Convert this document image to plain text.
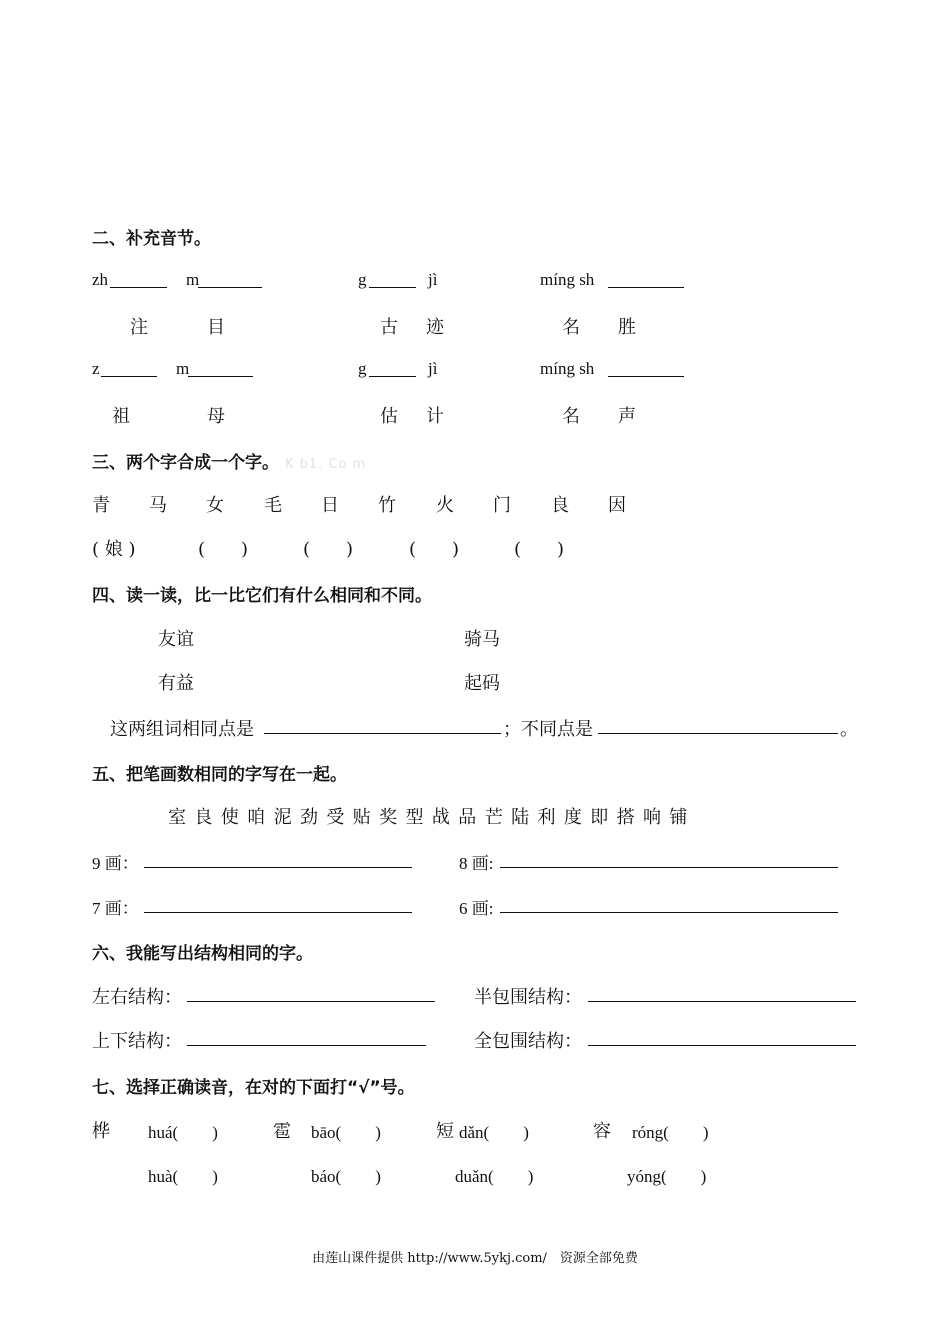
二、补充音节。
zh	m	g	jì	míng sh
注	目	古 迹	名 胜
z	m	g	jì	míng sh
祖	母	估 计	名 声
三、两个字合成一个字。 K b1. Co m
青 马 女 毛 日 竹 火 门 良 因
( 娘 )	(　　)	(　　)	(　　)	(　　)
四、读一读，比一比它们有什么相同和不同。
友谊	骑马
有益	起码
这两组词相同点是	；不同点是	。
五、把笔画数相同的字写在一起。
室 良 使 咱 泥 劲 受 贴 奖 型 战 品 芒 陆 利 度 即 搭 响 铺
9 画：	8 画:
7 画：	6 画:
六、我能写出结构相同的字。
左右结构：	半包围结构：
上下结构：	全包围结构：
七、选择正确读音，在对的下面打“√”号。
桦 huá(　　)	雹 bāo(　　)	短 dǎn(　　)	容 róng(　　)
huà(　　)	báo(　　)	duǎn(　　)	yóng(　　)
由莲山课件提供 http://www.5ykj.com/　资源全部免费
